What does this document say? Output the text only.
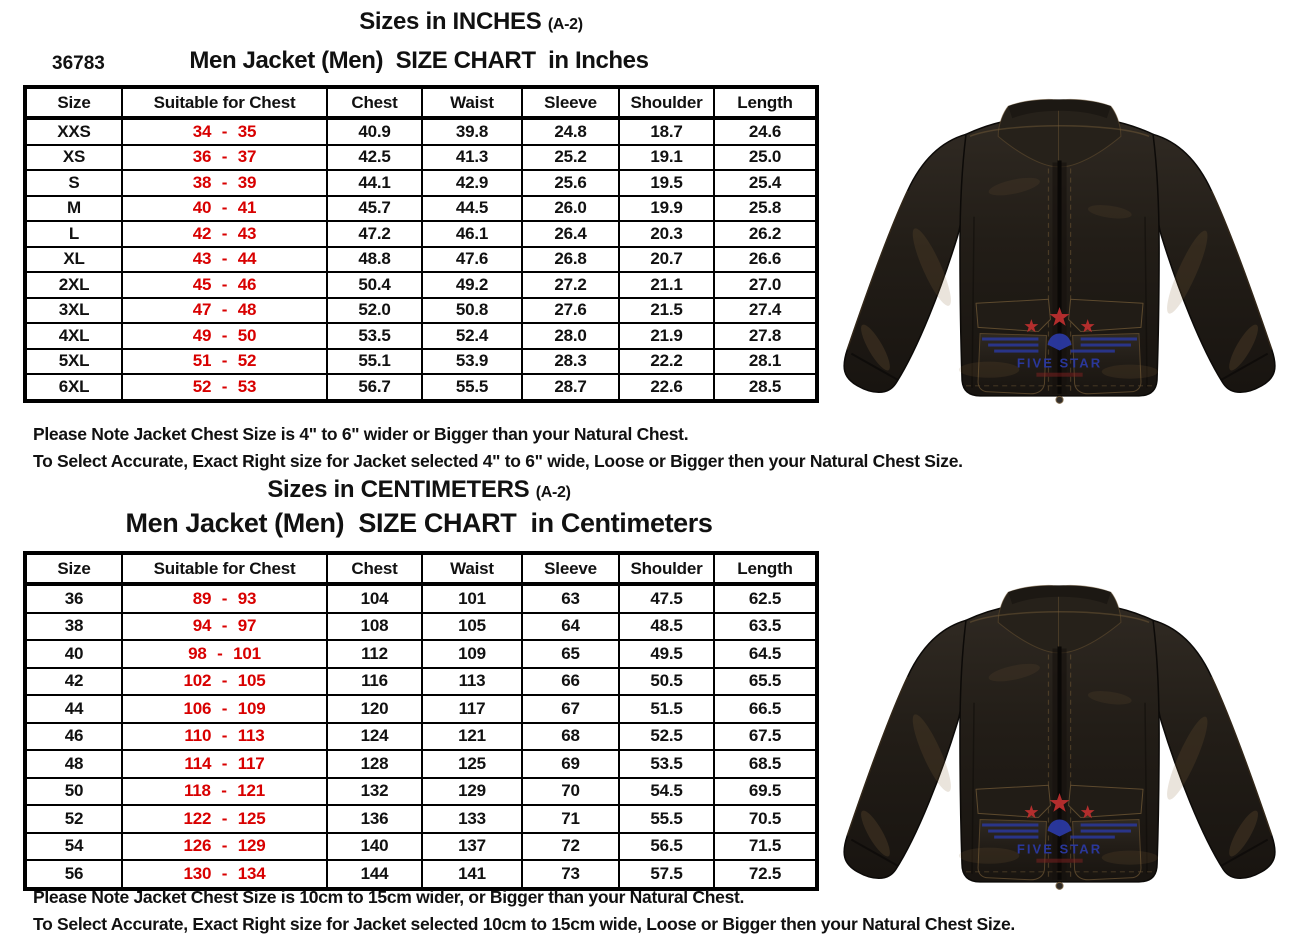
Sizes in INCHES (A-2)
36783	Men Jacket (Men)  SIZE CHART  in Inches
Size	Suitable for Chest	Chest	Waist	Sleeve	Shoulder	Length
XXS	34 - 35	40.9	39.8	24.8	18.7	24.6
XS	36 - 37	42.5	41.3	25.2	19.1	25.0
S	38 - 39	44.1	42.9	25.6	19.5	25.4
M	40 - 41	45.7	44.5	26.0	19.9	25.8
L	42 - 43	47.2	46.1	26.4	20.3	26.2
XL	43 - 44	48.8	47.6	26.8	20.7	26.6
2XL	45 - 46	50.4	49.2	27.2	21.1	27.0
3XL	47 - 48	52.0	50.8	27.6	21.5	27.4
4XL	49 - 50	53.5	52.4	28.0	21.9	27.8
5XL	51 - 52	55.1	53.9	28.3	22.2	28.1
6XL	52 - 53	56.7	55.5	28.7	22.6	28.5
Please Note Jacket Chest Size is 4" to 6" wider or Bigger than your Natural Chest.
To Select Accurate, Exact Right size for Jacket selected 4" to 6" wide, Loose or Bigger then your Natural Chest Size.
Sizes in CENTIMETERS (A-2)
Men Jacket (Men)  SIZE CHART  in Centimeters
Size	Suitable for Chest	Chest	Waist	Sleeve	Shoulder	Length
36	89 - 93	104	101	63	47.5	62.5
38	94 - 97	108	105	64	48.5	63.5
40	98 - 101	112	109	65	49.5	64.5
42	102 - 105	116	113	66	50.5	65.5
44	106 - 109	120	117	67	51.5	66.5
46	110 - 113	124	121	68	52.5	67.5
48	114 - 117	128	125	69	53.5	68.5
50	118 - 121	132	129	70	54.5	69.5
52	122 - 125	136	133	71	55.5	70.5
54	126 - 129	140	137	72	56.5	71.5
56	130 - 134	144	141	73	57.5	72.5
Please Note Jacket Chest Size is 10cm to 15cm wider, or Bigger than your Natural Chest.
To Select Accurate, Exact Right size for Jacket selected 10cm to 15cm wide, Loose or Bigger then your Natural Chest Size.
